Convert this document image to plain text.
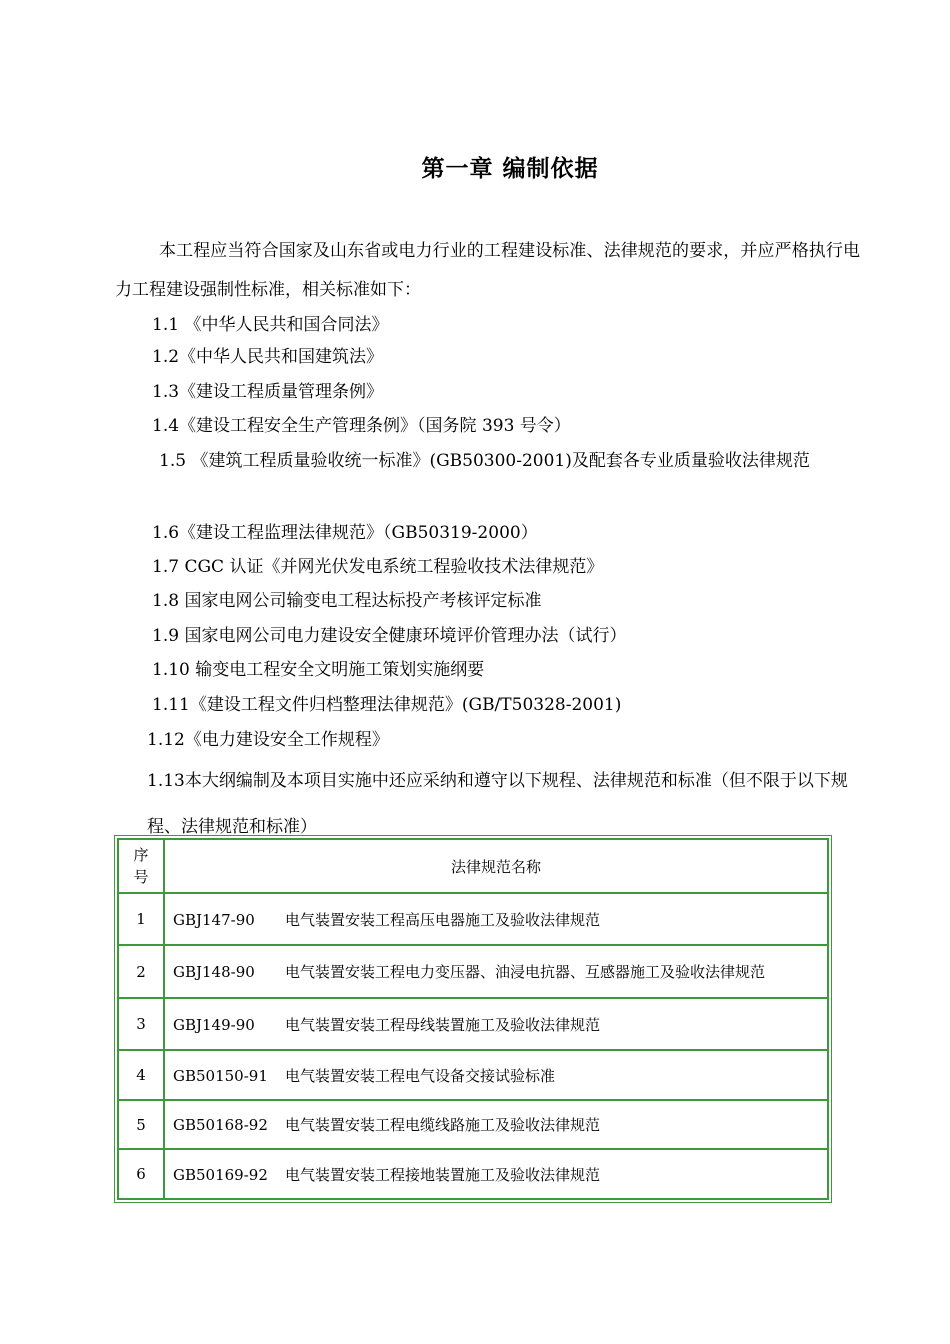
第一章 编制依据
本工程应当符合国家及山东省或电力行业的工程建设标准、法律规范的要求，并应严格执行电力工程建设强制性标准，相关标准如下：
1.1 《中华人民共和国合同法》
1.2《中华人民共和国建筑法》
1.3《建设工程质量管理条例》
1.4《建设工程安全生产管理条例》（国务院 393 号令）
1.5 《建筑工程质量验收统一标准》(GB50300-2001)及配套各专业质量验收法律规范
1.6《建设工程监理法律规范》（GB50319-2000）
1.7 CGC 认证《并网光伏发电系统工程验收技术法律规范》
1.8 国家电网公司输变电工程达标投产考核评定标准
1.9 国家电网公司电力建设安全健康环境评价管理办法（试行）
1.10 输变电工程安全文明施工策划实施纲要
1.11《建设工程文件归档整理法律规范》(GB/T50328-2001)
1.12《电力建设安全工作规程》
1.13本大纲编制及本项目实施中还应采纳和遵守以下规程、法律规范和标准（但不限于以下规程、法律规范和标准）
序号	法律规范名称
1	GBJ147-90 电气装置安装工程高压电器施工及验收法律规范
2	GBJ148-90 电气装置安装工程电力变压器、油浸电抗器、互感器施工及验收法律规范
3	GBJ149-90 电气装置安装工程母线装置施工及验收法律规范
4	GB50150-91 电气装置安装工程电气设备交接试验标准
5	GB50168-92 电气装置安装工程电缆线路施工及验收法律规范
6	GB50169-92 电气装置安装工程接地装置施工及验收法律规范
